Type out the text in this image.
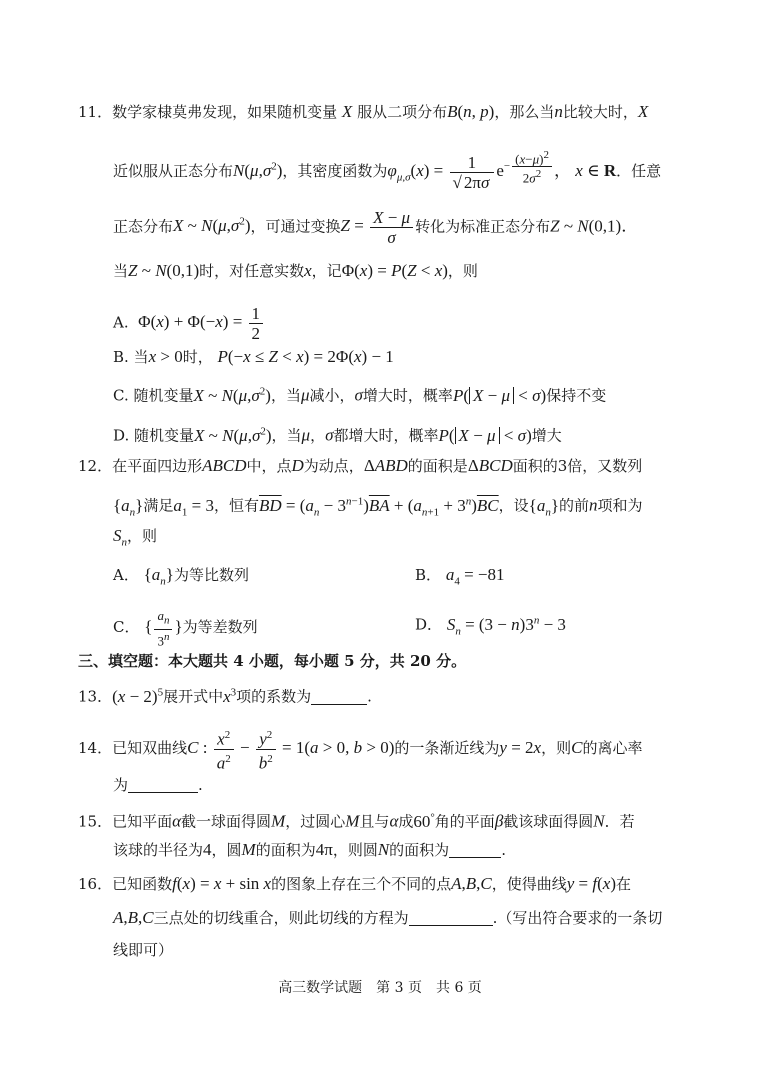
11．数学家棣莫弗发现，如果随机变量 X 服从二项分布B(n, p)，那么当n比较大时，X
近似服从正态分布$N(\mu,\sigma^2)$，其密度函数为$\varphi_{\mu,\sigma}(x) = \frac{1}{√ 2\pi\sigma} e^{- \frac{(x-\mu)^2}{2\sigma^2}}$ ， x ∈ R．任意
正态分布X ~ $N(\mu,\sigma^2)$，可通过变换$Z = \frac{X - \mu}{\sigma}$ 转化为标准正态分布Z ~ N(0,1)．
当Z ~ N(0,1)时，对任意实数x，记Φ(x) = P(Z < x)，则
A. $\Phi(x) + \Phi(-x) = \frac{1}{2}$
B. 当x > 0时， P(−x ≤ Z < x) = 2Φ(x) − 1
C. 随机变量X ~ $N(\mu,\sigma^2)$，当μ减小，σ增大时，概率P( X − μ < σ)保持不变
D. 随机变量X ~ $N(\mu,\sigma^2)$，当μ，σ都增大时，概率P( X − μ < σ)增大
12．在平面四边形ABCD中，点D为动点，ΔABD的面积是ΔBCD面积的3倍，又数列
$\{a_n\}$满足$a_1 = 3$，恒有$\overline{BD} = (a_n - 3^{n-1})\overline{BA} + (a_{n+1} + 3^n)\overline{BC}$，设$\{a_n\}$的前n项和为
$S_n$，则
A． $\{a_n\}$为等比数列	B． $a_4 = -81$
C． { $\frac{a_n}{3^n}$ }为等差数列	D． $S_n = (3 - n)3^n - 3$
三、填空题：本大题共 4 小题，每小题 5 分，共 20 分。
13．$(x - 2)^5$展开式中$x^3$项的系数为	.
14．已知双曲线C : $\frac{x^2}{a^2} - \frac{y^2}{b^2} = 1(a > 0$, b > 0)的一条渐近线为y = 2x，则C的离心率
为	.
15．已知平面α截一球面得圆M，过圆心M且与α成60°角的平面β截该球面得圆N．若
该球的半径为4，圆M的面积为4π，则圆N的面积为	.
16．已知函数f(x) = x + sin x的图象上存在三个不同的点A,B,C，使得曲线y = f(x)在
A,B,C三点处的切线重合，则此切线的方程为	.（写出符合要求的一条切
线即可）
高三数学试题　第 3 页　共 6 页
